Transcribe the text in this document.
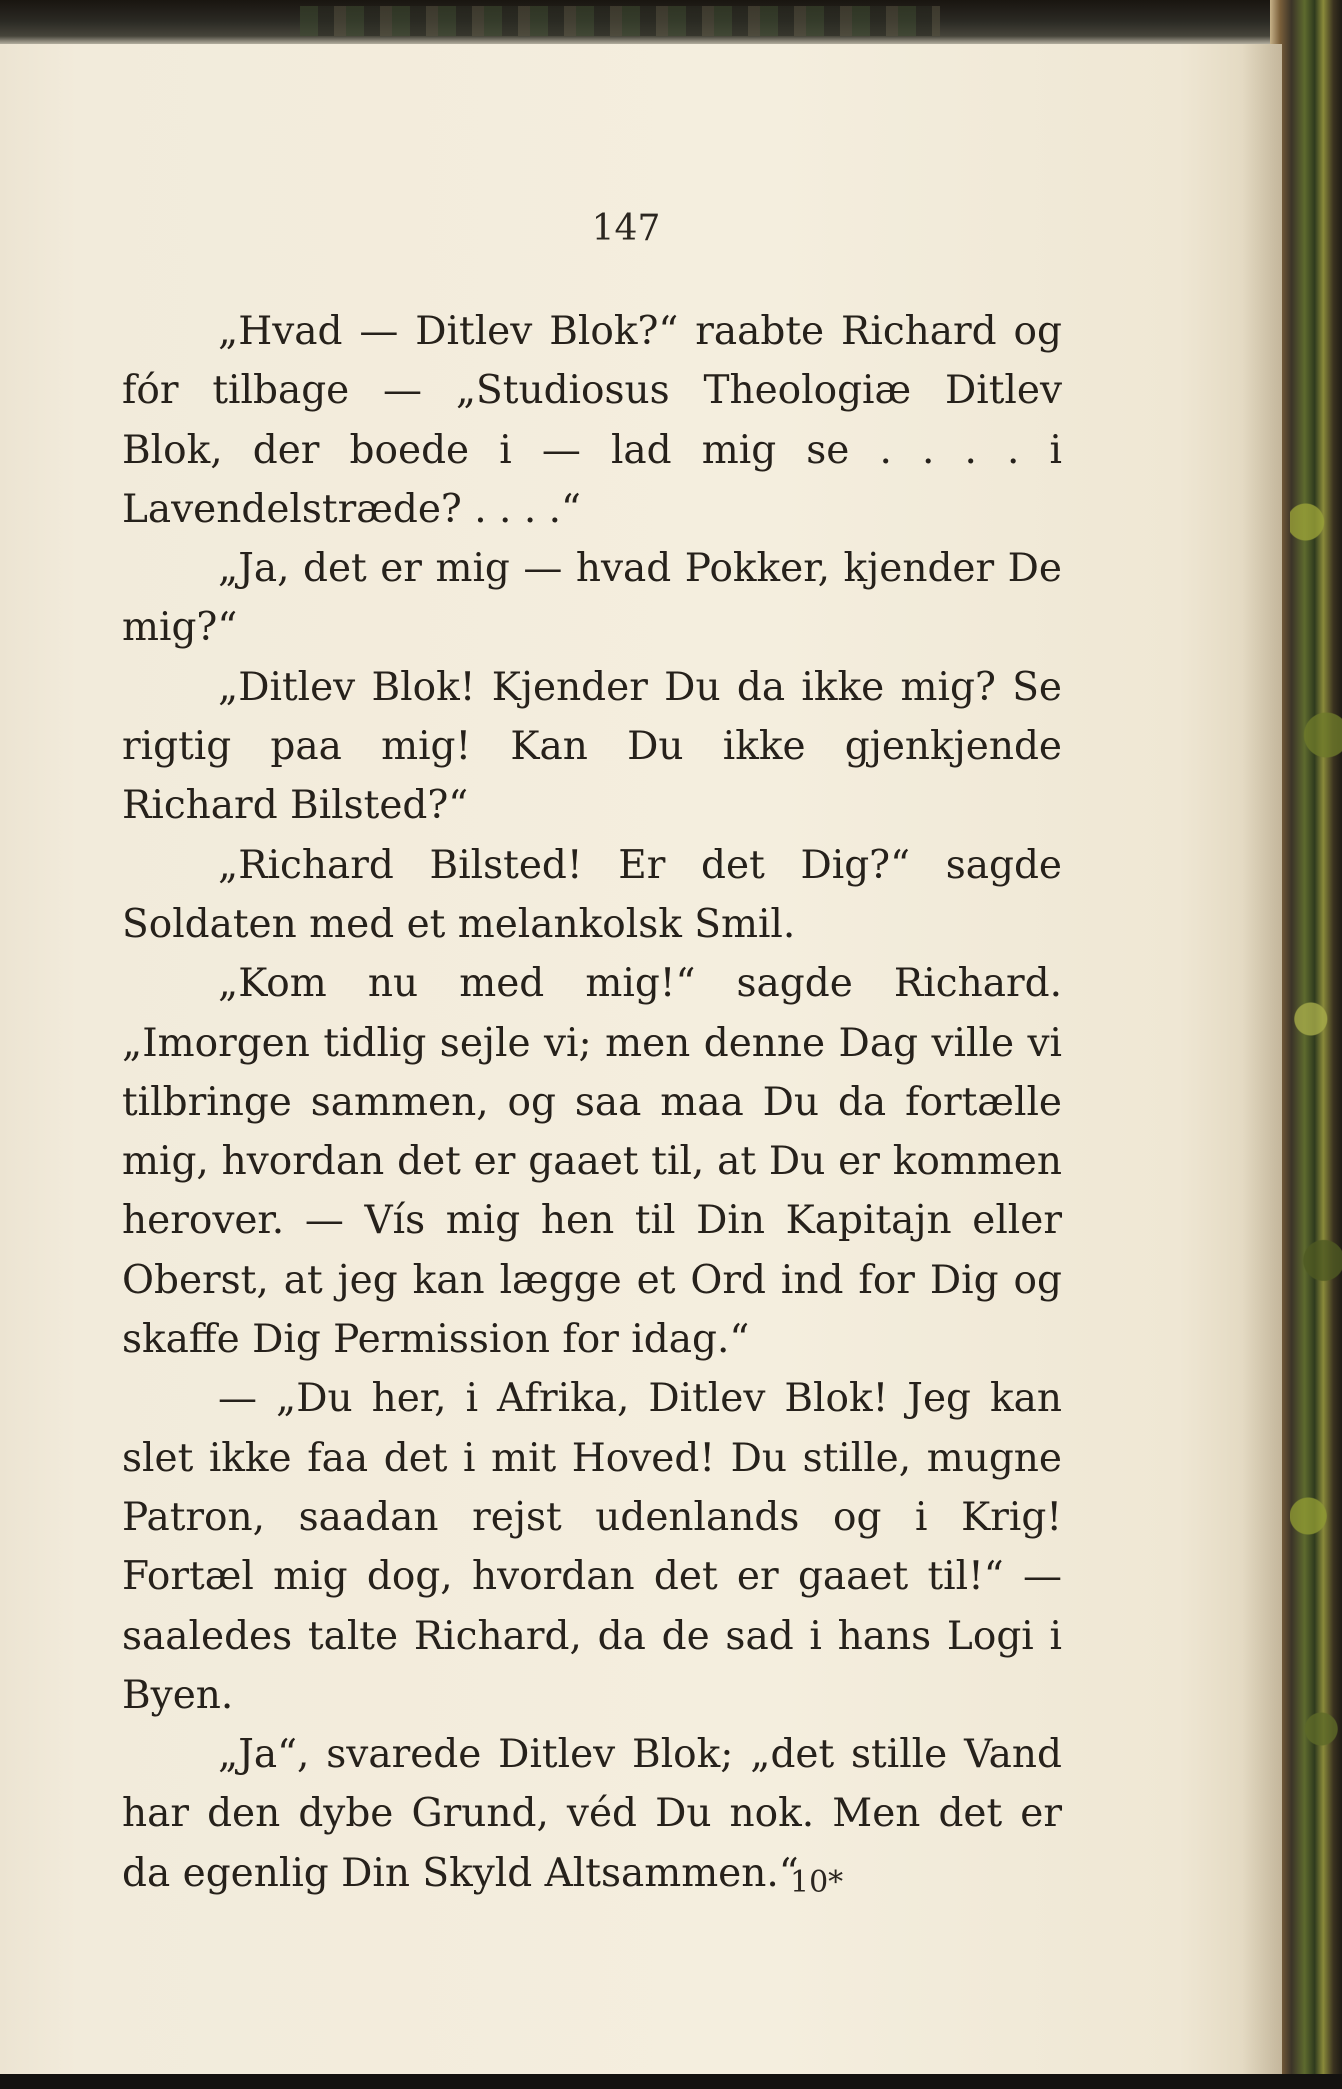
147

„Hvad — Ditlev Blok?“ raabte Richard og fór tilbage — „Studiosus Theologiæ Ditlev Blok, der boede i — lad mig se . . . . i Lavendelstræde? . . . .“

„Ja, det er mig — hvad Pokker, kjender De mig?“

„Ditlev Blok! Kjender Du da ikke mig? Se rigtig paa mig! Kan Du ikke gjenkjende Richard Bilsted?“

„Richard Bilsted! Er det Dig?“ sagde Soldaten med et melankolsk Smil.

„Kom nu med mig!“ sagde Richard. „Imorgen tidlig sejle vi; men denne Dag ville vi tilbringe sammen, og saa maa Du da fortælle mig, hvordan det er gaaet til, at Du er kommen herover. — Vís mig hen til Din Kapitajn eller Oberst, at jeg kan lægge et Ord ind for Dig og skaffe Dig Permission for idag.“

— „Du her, i Afrika, Ditlev Blok! Jeg kan slet ikke faa det i mit Hoved! Du stille, mugne Patron, saadan rejst udenlands og i Krig! Fortæl mig dog, hvordan det er gaaet til!“ — saaledes talte Richard, da de sad i hans Logi i Byen.

„Ja“, svarede Ditlev Blok; „det stille Vand har den dybe Grund, véd Du nok. Men det er da egenlig Din Skyld Altsammen.“

10*
